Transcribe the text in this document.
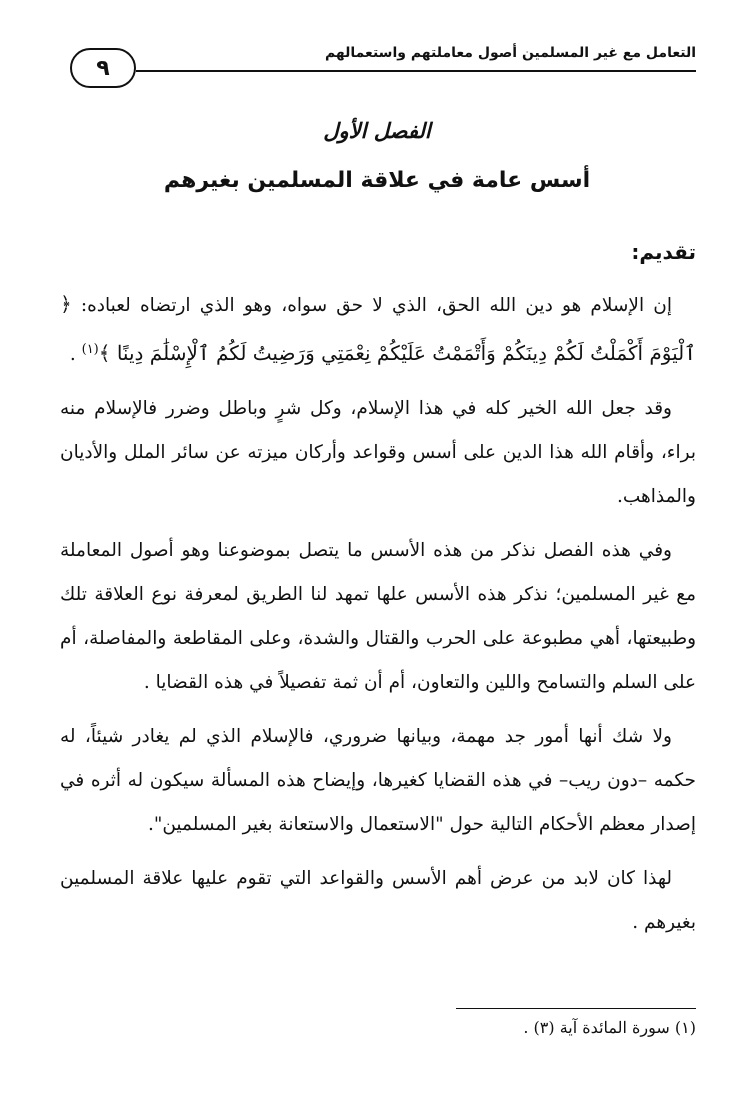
التعامل مع غير المسلمين أصول معاملتهم واستعمالهم
٩
الفصل الأول
أسس عامة في علاقة المسلمين بغيرهم
تقديم:

إن الإسلام هو دين الله الحق، الذي لا حق سواه، وهو الذي ارتضاه لعباده: ﴿ ٱلْيَوْمَ أَكْمَلْتُ لَكُمْ دِينَكُمْ وَأَتْمَمْتُ عَلَيْكُمْ نِعْمَتِي وَرَضِيتُ لَكُمُ ٱلْإِسْلَٰمَ دِينًا ﴾$^{(١)}$ .

وقد جعل الله الخير كله في هذا الإسلام، وكل شرٍ وباطل وضرر فالإسلام منه براء، وأقام الله هذا الدين على أسس وقواعد وأركان ميزته عن سائر الملل والأديان والمذاهب.

وفي هذه الفصل نذكر من هذه الأسس ما يتصل بموضوعنا وهو أصول المعاملة مع غير المسلمين؛ نذكر هذه الأسس علها تمهد لنا الطريق لمعرفة نوع العلاقة تلك وطبيعتها، أهي مطبوعة على الحرب والقتال والشدة، وعلى المقاطعة والمفاصلة، أم على السلم والتسامح واللين والتعاون، أم أن ثمة تفصيلاً في هذه القضايا .

ولا شك أنها أمور جد مهمة، وبيانها ضروري، فالإسلام الذي لم يغادر شيئاً، له حكمه –دون ريب– في هذه القضايا كغيرها، وإيضاح هذه المسألة سيكون له أثره في إصدار معظم الأحكام التالية حول "الاستعمال والاستعانة بغير المسلمين".

لهذا كان لابد من عرض أهم الأسس والقواعد التي تقوم عليها علاقة المسلمين بغيرهم .

(١) سورة المائدة آية (٣) .
